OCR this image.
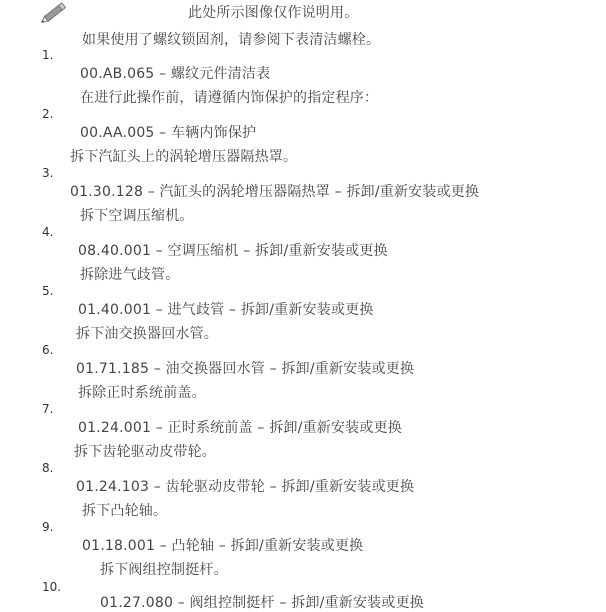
此处所示图像仅作说明用。
如果使用了螺纹锁固剂，请参阅下表清洁螺栓。
1.
00.AB.065 – 螺纹元件清洁表
在进行此操作前，请遵循内饰保护的指定程序：
2.
00.AA.005 – 车辆内饰保护
拆下汽缸头上的涡轮增压器隔热罩。
3.
01.30.128 – 汽缸头的涡轮增压器隔热罩 – 拆卸/重新安装或更换
拆下空调压缩机。
4.
08.40.001 – 空调压缩机 – 拆卸/重新安装或更换
拆除进气歧管。
5.
01.40.001 – 进气歧管 – 拆卸/重新安装或更换
拆下油交换器回水管。
6.
01.71.185 – 油交换器回水管 – 拆卸/重新安装或更换
拆除正时系统前盖。
7.
01.24.001 – 正时系统前盖 – 拆卸/重新安装或更换
拆下齿轮驱动皮带轮。
8.
01.24.103 – 齿轮驱动皮带轮 – 拆卸/重新安装或更换
拆下凸轮轴。
9.
01.18.001 – 凸轮轴 – 拆卸/重新安装或更换
拆下阀组控制挺杆。
10.
01.27.080 – 阀组控制挺杆 – 拆卸/重新安装或更换
